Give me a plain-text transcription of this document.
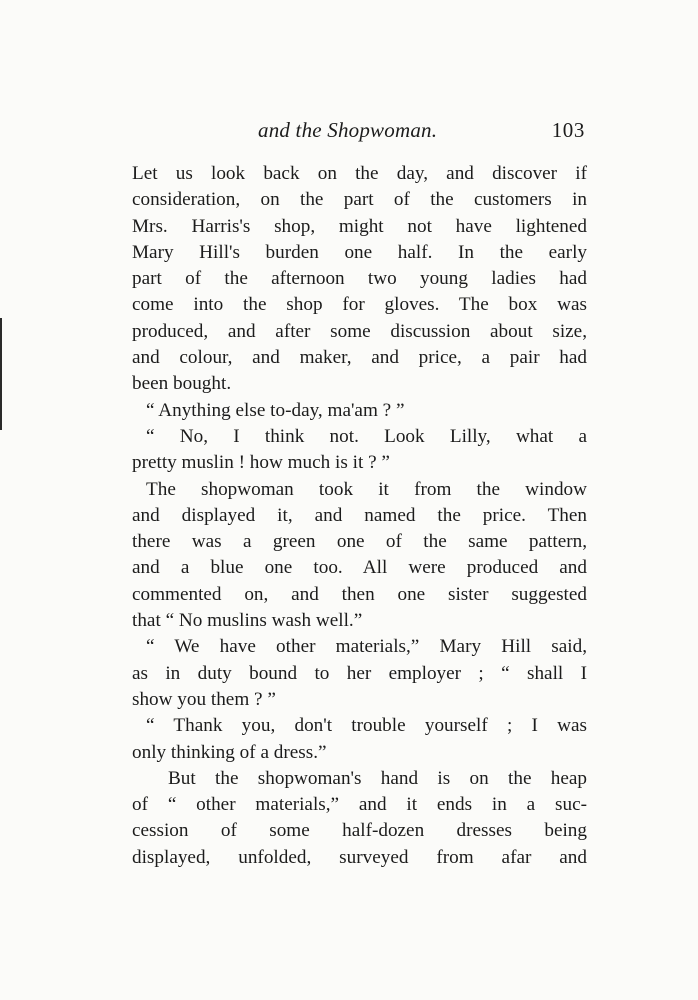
and the Shopwoman.	103
Let us look back on the day, and discover if
consideration, on the part of the customers in
Mrs. Harris's shop, might not have lightened
Mary Hill's burden one half. In the early
part of the afternoon two young ladies had
come into the shop for gloves. The box was
produced, and after some discussion about size,
and colour, and maker, and price, a pair had
been bought.
“ Anything else to-day, ma'am ? ”
“ No, I think not. Look Lilly, what a
pretty muslin ! how much is it ? ”
The shopwoman took it from the window
and displayed it, and named the price. Then
there was a green one of the same pattern,
and a blue one too. All were produced and
commented on, and then one sister suggested
that “ No muslins wash well.”
“ We have other materials,” Mary Hill said,
as in duty bound to her employer ; “ shall I
show you them ? ”
“ Thank you, don't trouble yourself ; I was
only thinking of a dress.”
But the shopwoman's hand is on the heap
of “ other materials,” and it ends in a suc-
cession of some half-dozen dresses being
displayed, unfolded, surveyed from afar and
